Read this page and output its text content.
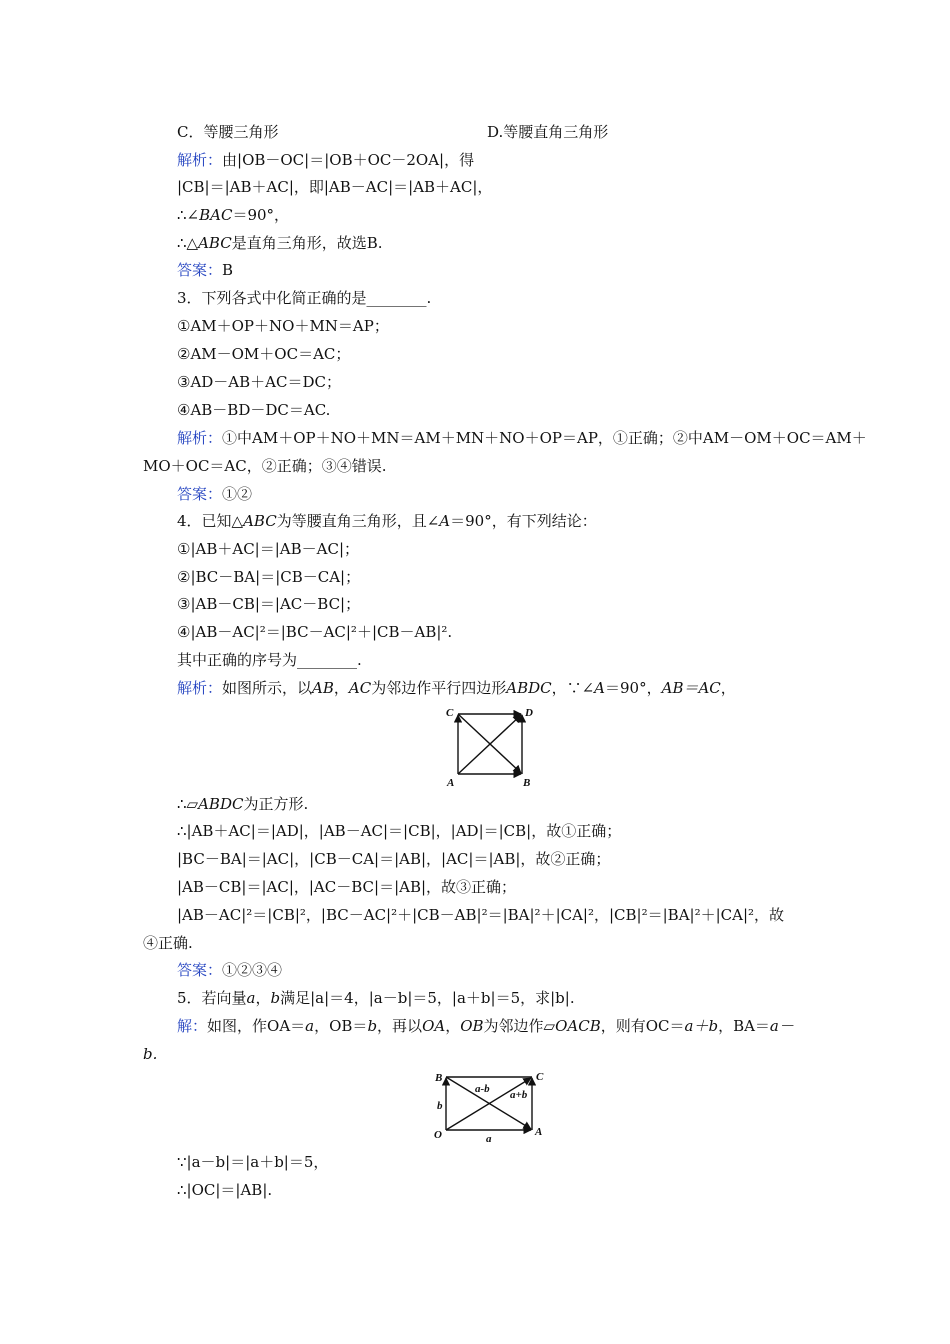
C．等腰三角形	D.等腰直角三角形
解析：由|OB－OC|＝|OB＋OC－2OA|，得
|CB|＝|AB＋AC|，即|AB－AC|＝|AB＋AC|，
∴∠BAC＝90°，
∴△ABC是直角三角形，故选B.
答案：B
3．下列各式中化简正确的是________.
①AM＋OP＋NO＋MN＝AP；
②AM－OM＋OC＝AC；
③AD－AB＋AC＝DC；
④AB－BD－DC＝AC.
解析：①中AM＋OP＋NO＋MN＝AM＋MN＋NO＋OP＝AP，①正确；②中AM－OM＋OC＝AM＋
MO＋OC＝AC，②正确；③④错误.
答案：①②
4．已知△ABC为等腰直角三角形，且∠A＝90°，有下列结论：
①|AB＋AC|＝|AB－AC|；
②|BC－BA|＝|CB－CA|；
③|AB－CB|＝|AC－BC|；
④|AB－AC|²＝|BC－AC|²＋|CB－AB|².
其中正确的序号为________.
解析：如图所示，以AB，AC为邻边作平行四边形ABDC，∵∠A＝90°，AB＝AC，
C	D
A	B
∴▱ABDC为正方形.
∴|AB＋AC|＝|AD|，|AB－AC|＝|CB|，|AD|＝|CB|，故①正确；
|BC－BA|＝|AC|，|CB－CA|＝|AB|，|AC|＝|AB|，故②正确；
|AB－CB|＝|AC|，|AC－BC|＝|AB|，故③正确；
|AB－AC|²＝|CB|²，|BC－AC|²＋|CB－AB|²＝|BA|²＋|CA|²，|CB|²＝|BA|²＋|CA|²，故
④正确.
答案：①②③④
5．若向量a，b满足|a|＝4，|a－b|＝5，|a＋b|＝5，求|b|.
解：如图，作OA＝a，OB＝b，再以OA，OB为邻边作▱OACB，则有OC＝a＋b，BA＝a－
b.
B	C
O	A
a-b a+b
b
a
∵|a－b|＝|a＋b|＝5，
∴|OC|＝|AB|.
